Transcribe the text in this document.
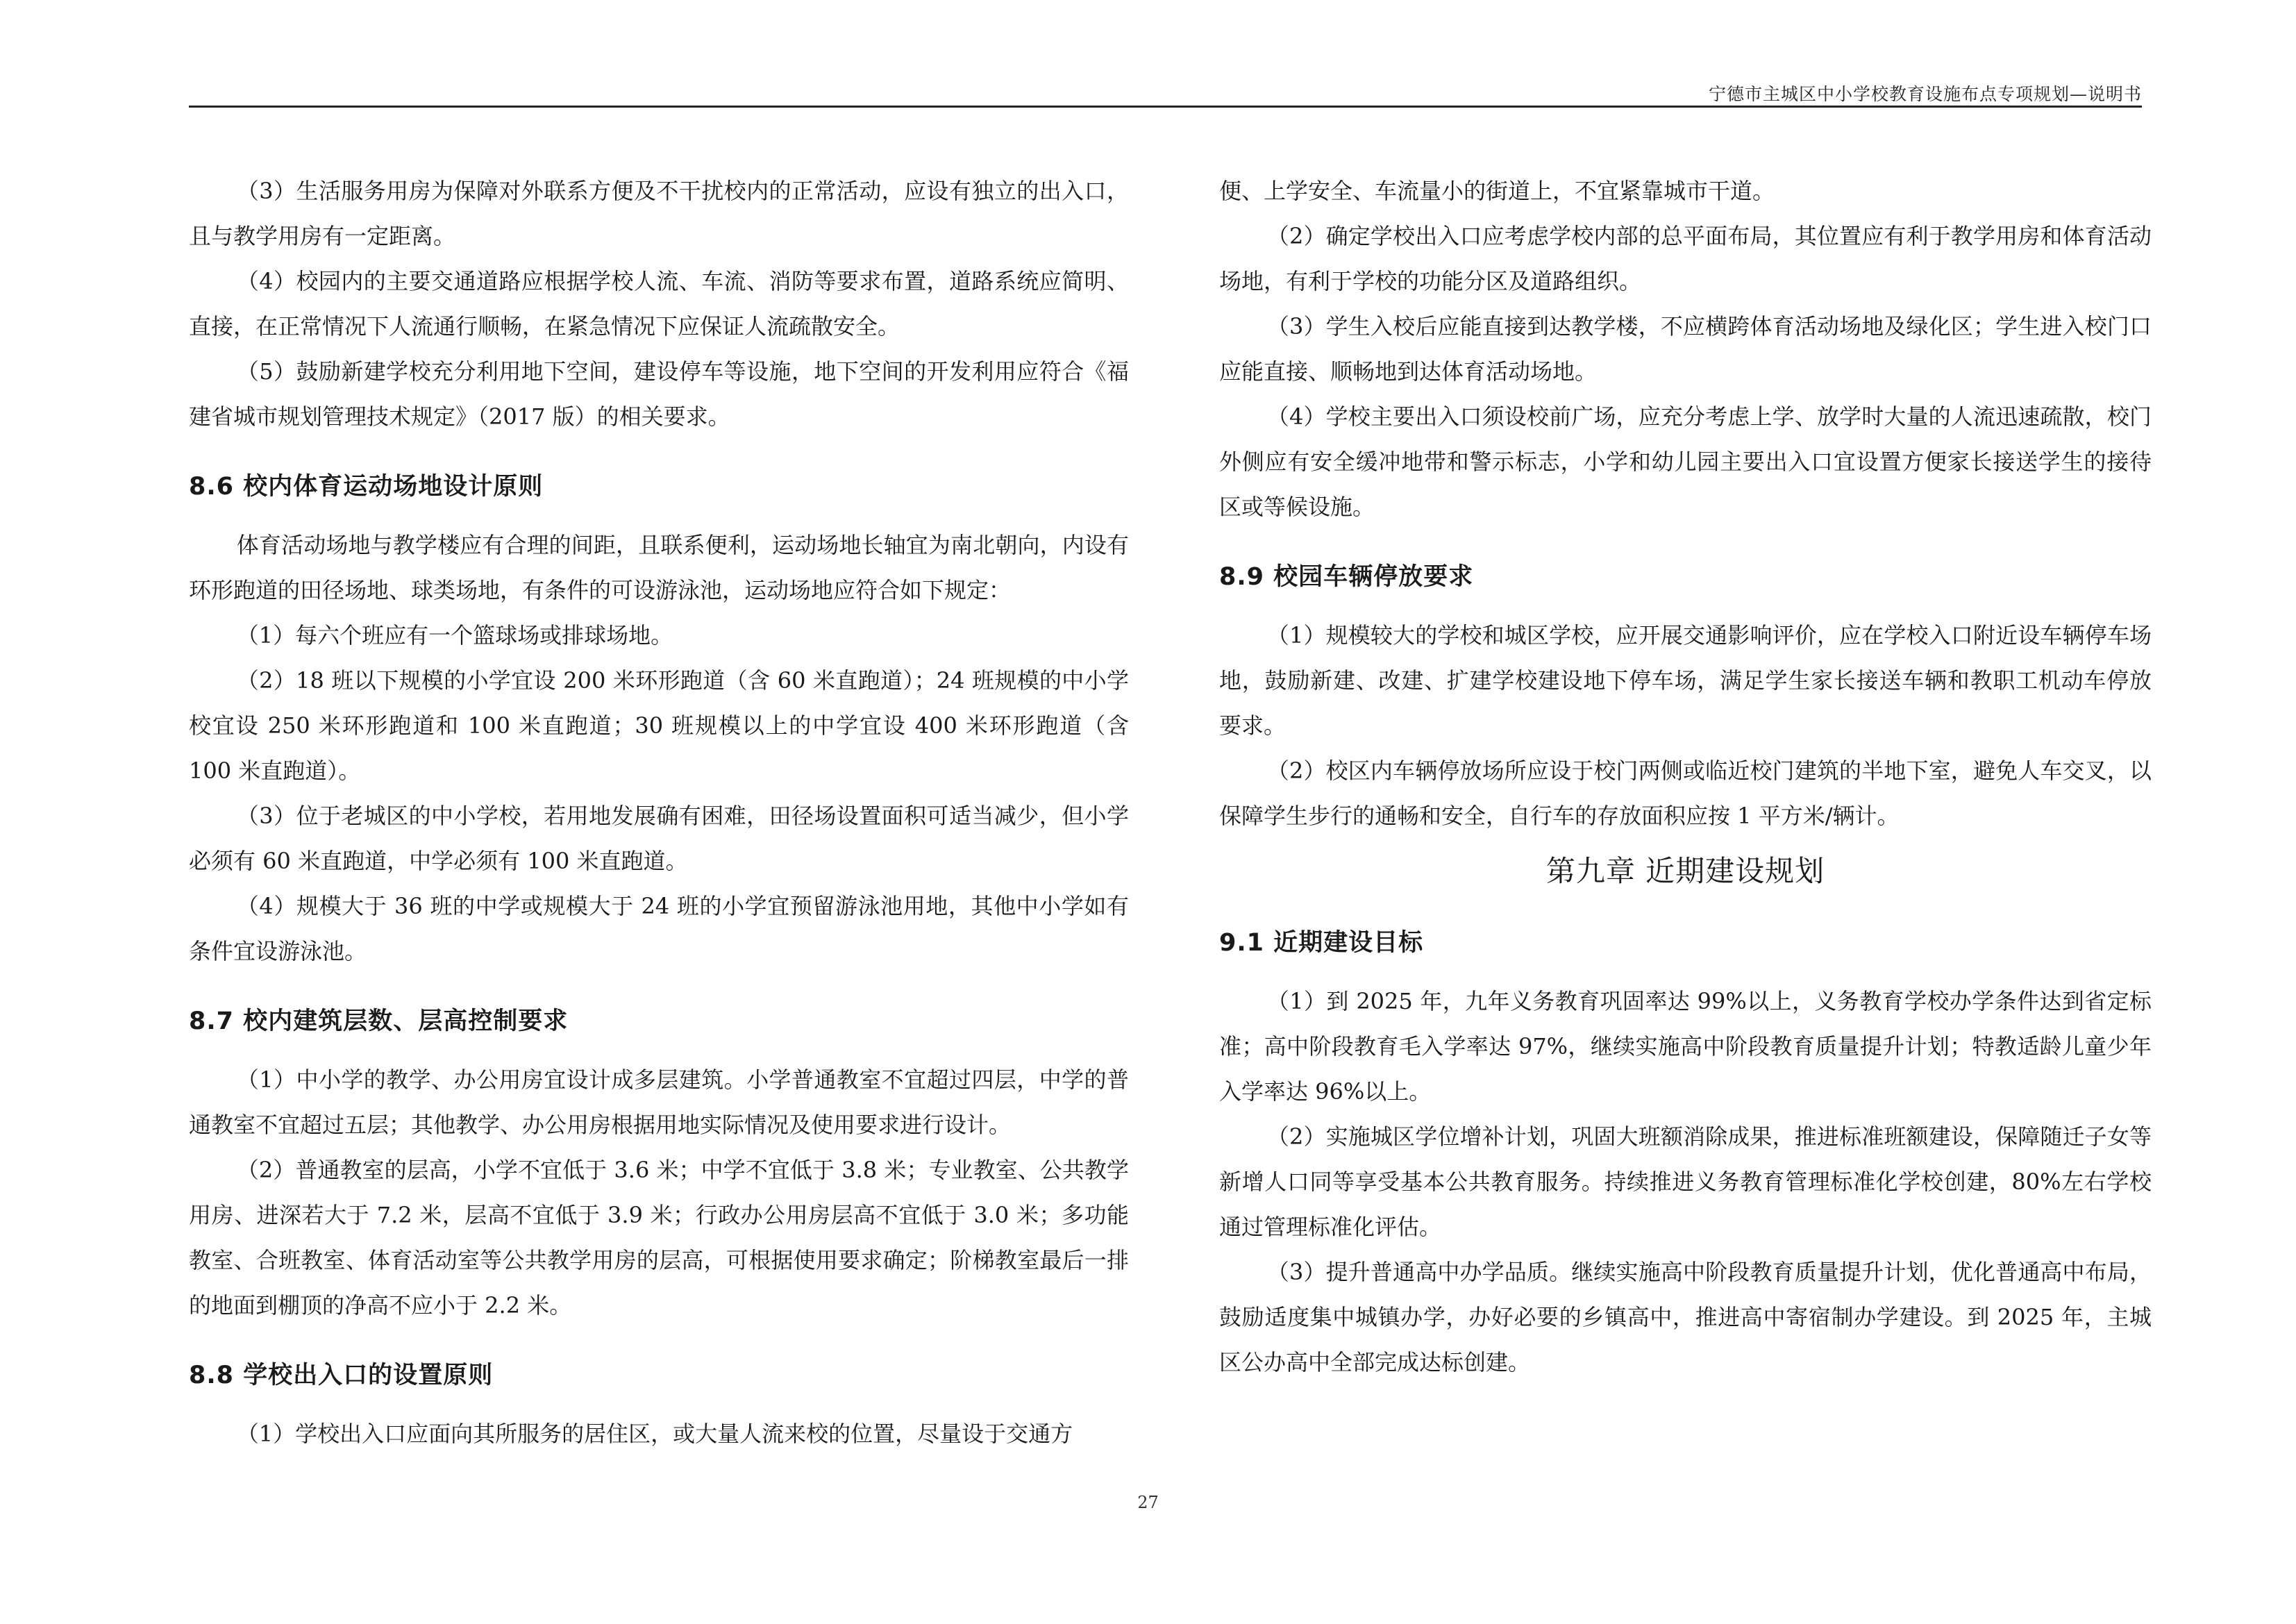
宁德市主城区中小学校教育设施布点专项规划—说明书

（3）生活服务用房为保障对外联系方便及不干扰校内的正常活动，应设有独立的出入口，且与教学用房有一定距离。

（4）校园内的主要交通道路应根据学校人流、车流、消防等要求布置，道路系统应简明、直接，在正常情况下人流通行顺畅，在紧急情况下应保证人流疏散安全。

（5）鼓励新建学校充分利用地下空间，建设停车等设施，地下空间的开发利用应符合《福建省城市规划管理技术规定》（2017 版）的相关要求。

8.6 校内体育运动场地设计原则

体育活动场地与教学楼应有合理的间距，且联系便利，运动场地长轴宜为南北朝向，内设有环形跑道的田径场地、球类场地，有条件的可设游泳池，运动场地应符合如下规定：

（1）每六个班应有一个篮球场或排球场地。

（2）18 班以下规模的小学宜设 200 米环形跑道（含 60 米直跑道）；24 班规模的中小学校宜设 250 米环形跑道和 100 米直跑道；30 班规模以上的中学宜设 400 米环形跑道（含 100 米直跑道）。

（3）位于老城区的中小学校，若用地发展确有困难，田径场设置面积可适当减少，但小学必须有 60 米直跑道，中学必须有 100 米直跑道。

（4）规模大于 36 班的中学或规模大于 24 班的小学宜预留游泳池用地，其他中小学如有条件宜设游泳池。

8.7 校内建筑层数、层高控制要求

（1）中小学的教学、办公用房宜设计成多层建筑。小学普通教室不宜超过四层，中学的普通教室不宜超过五层；其他教学、办公用房根据用地实际情况及使用要求进行设计。

（2）普通教室的层高，小学不宜低于 3.6 米；中学不宜低于 3.8 米；专业教室、公共教学用房、进深若大于 7.2 米，层高不宜低于 3.9 米；行政办公用房层高不宜低于 3.0 米；多功能教室、合班教室、体育活动室等公共教学用房的层高，可根据使用要求确定；阶梯教室最后一排的地面到棚顶的净高不应小于 2.2 米。

8.8 学校出入口的设置原则

（1）学校出入口应面向其所服务的居住区，或大量人流来校的位置，尽量设于交通方

便、上学安全、车流量小的街道上，不宜紧靠城市干道。

（2）确定学校出入口应考虑学校内部的总平面布局，其位置应有利于教学用房和体育活动场地，有利于学校的功能分区及道路组织。

（3）学生入校后应能直接到达教学楼，不应横跨体育活动场地及绿化区；学生进入校门口应能直接、顺畅地到达体育活动场地。

（4）学校主要出入口须设校前广场，应充分考虑上学、放学时大量的人流迅速疏散，校门外侧应有安全缓冲地带和警示标志，小学和幼儿园主要出入口宜设置方便家长接送学生的接待区或等候设施。

8.9 校园车辆停放要求

（1）规模较大的学校和城区学校，应开展交通影响评价，应在学校入口附近设车辆停车场地，鼓励新建、改建、扩建学校建设地下停车场，满足学生家长接送车辆和教职工机动车停放要求。

（2）校区内车辆停放场所应设于校门两侧或临近校门建筑的半地下室，避免人车交叉，以保障学生步行的通畅和安全，自行车的存放面积应按 1 平方米/辆计。

第九章 近期建设规划
9.1 近期建设目标

（1）到 2025 年，九年义务教育巩固率达 99%以上，义务教育学校办学条件达到省定标准；高中阶段教育毛入学率达 97%，继续实施高中阶段教育质量提升计划；特教适龄儿童少年入学率达 96%以上。

（2）实施城区学位增补计划，巩固大班额消除成果，推进标准班额建设，保障随迁子女等新增人口同等享受基本公共教育服务。持续推进义务教育管理标准化学校创建，80%左右学校通过管理标准化评估。

（3）提升普通高中办学品质。继续实施高中阶段教育质量提升计划，优化普通高中布局，鼓励适度集中城镇办学，办好必要的乡镇高中，推进高中寄宿制办学建设。到 2025 年，主城区公办高中全部完成达标创建。

27
